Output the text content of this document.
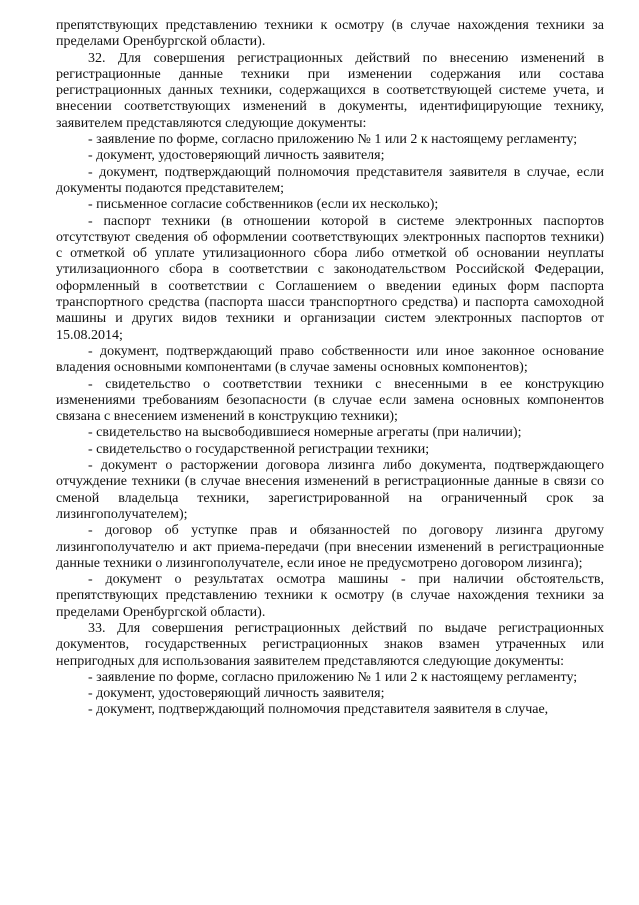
препятствующих представлению техники к осмотру (в случае нахождения техники за пределами Оренбургской области).

32. Для совершения регистрационных действий по внесению изменений в регистрационные данные техники при изменении содержания или состава регистрационных данных техники, содержащихся в соответствующей системе учета, и внесении соответствующих изменений в документы, идентифицирующие технику, заявителем представляются следующие документы:

- заявление по форме, согласно приложению № 1 или 2 к настоящему регламенту;

- документ, удостоверяющий личность заявителя;

- документ, подтверждающий полномочия представителя заявителя в случае, если документы подаются представителем;

- письменное согласие собственников (если их несколько);

- паспорт техники (в отношении которой в системе электронных паспортов отсутствуют сведения об оформлении соответствующих электронных паспортов техники) с отметкой об уплате утилизационного сбора либо отметкой об основании неуплаты утилизационного сбора в соответствии с законодательством Российской Федерации, оформленный в соответствии с Соглашением о введении единых форм паспорта транспортного средства (паспорта шасси транспортного средства) и паспорта самоходной машины и других видов техники и организации систем электронных паспортов от 15.08.2014;

- документ, подтверждающий право собственности или иное законное основание владения основными компонентами (в случае замены основных компонентов);

- свидетельство о соответствии техники с внесенными в ее конструкцию изменениями требованиям безопасности (в случае если замена основных компонентов связана с внесением изменений в конструкцию техники);

- свидетельство на высвободившиеся номерные агрегаты (при наличии);

- свидетельство о государственной регистрации техники;

- документ о расторжении договора лизинга либо документа, подтверждающего отчуждение техники (в случае внесения изменений в регистрационные данные в связи со сменой владельца техники, зарегистрированной на ограниченный срок за лизингополучателем);

- договор об уступке прав и обязанностей по договору лизинга другому лизингополучателю и акт приема-передачи (при внесении изменений в регистрационные данные техники о лизингополучателе, если иное не предусмотрено договором лизинга);

- документ о результатах осмотра машины - при наличии обстоятельств, препятствующих представлению техники к осмотру (в случае нахождения техники за пределами Оренбургской области).

33. Для совершения регистрационных действий по выдаче регистрационных документов, государственных регистрационных знаков взамен утраченных или непригодных для использования заявителем представляются следующие документы:

- заявление по форме, согласно приложению № 1 или 2 к настоящему регламенту;

- документ, удостоверяющий личность заявителя;

- документ, подтверждающий полномочия представителя заявителя в случае,
